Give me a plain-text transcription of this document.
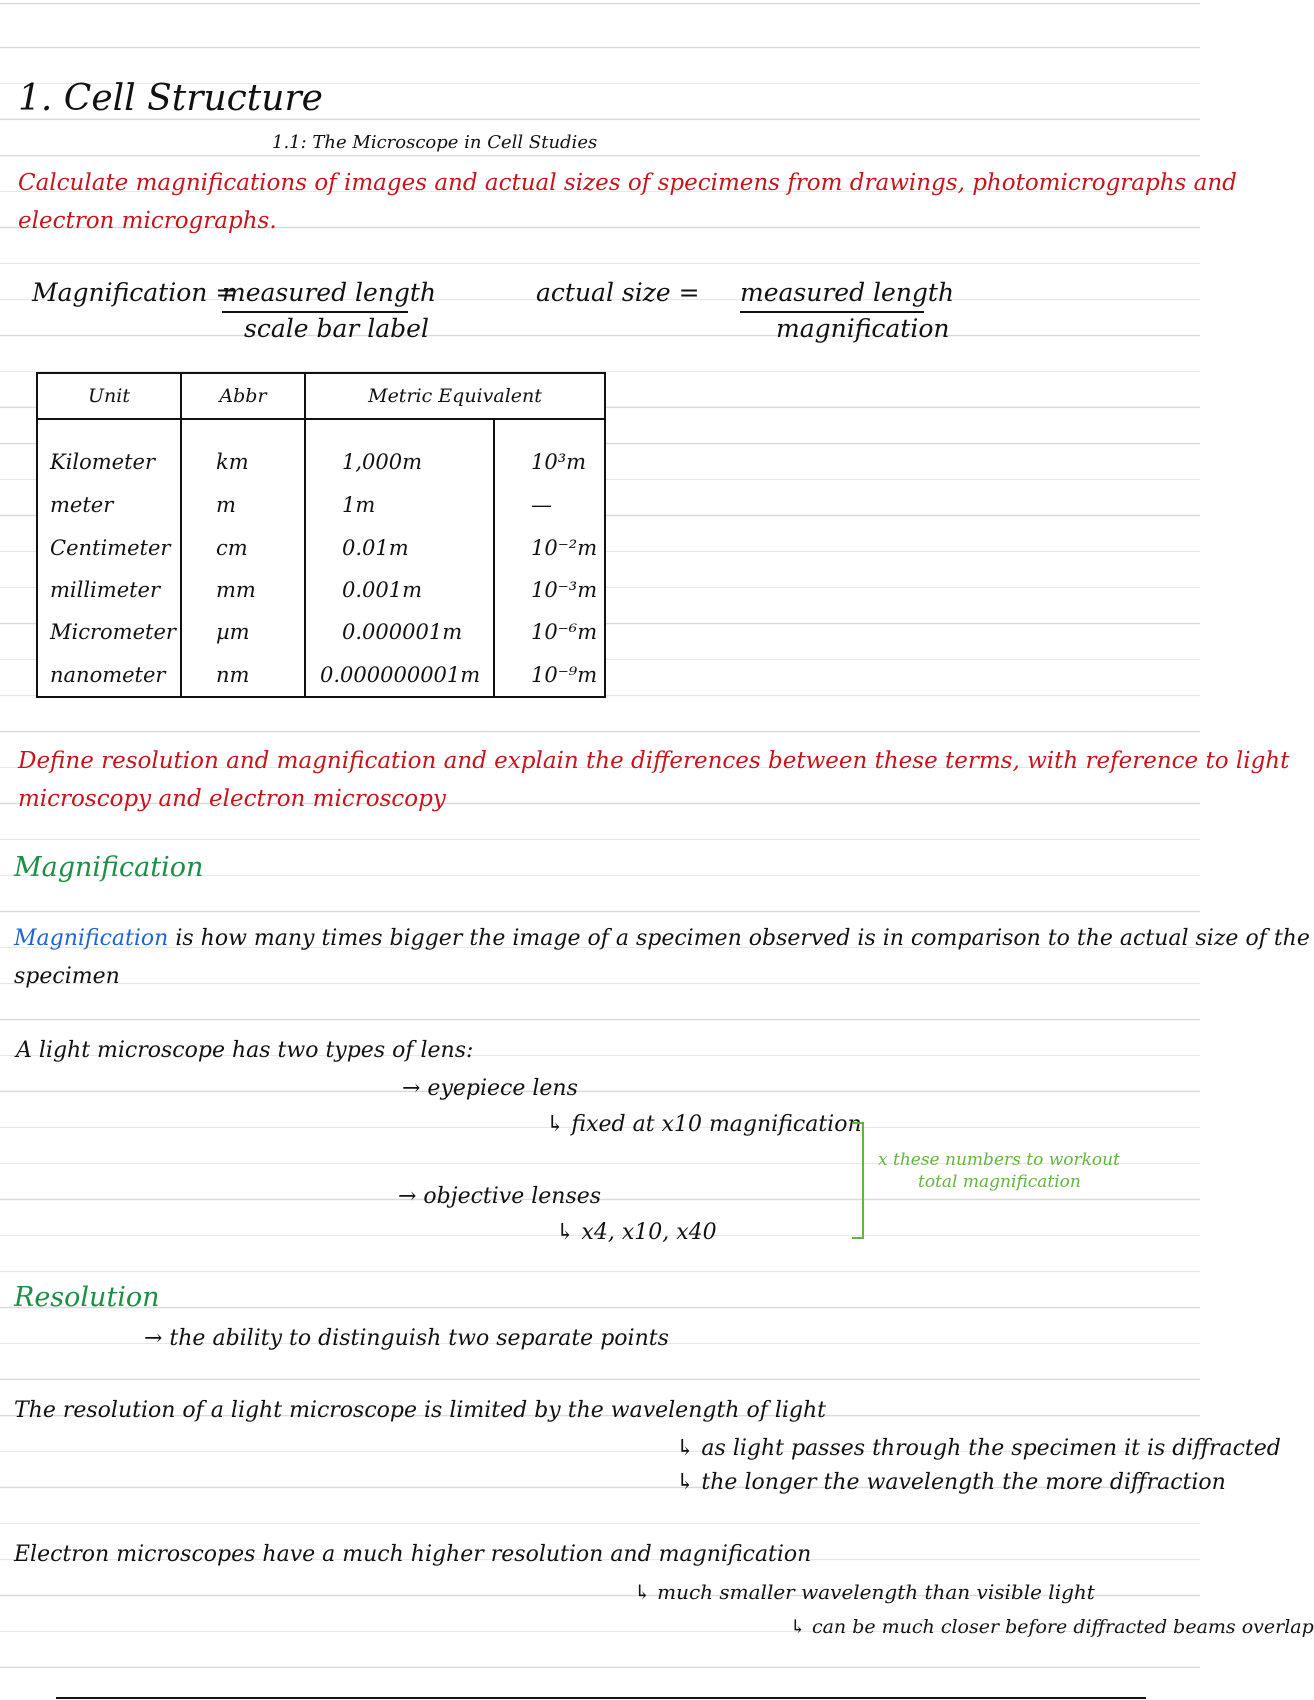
1. Cell Structure
1.1: The Microscope in Cell Studies
Calculate magnifications of images and actual sizes of specimens from drawings, photomicrographs and
electron micrographs.
Magnification =
measured length
scale bar label
actual size = measured length
magnification
Unit	Abbr	Metric Equivalent	
Kilometer	km	1,000m	10³m
meter	m	1m	—
Centimeter	cm	0.01m	10⁻²m
millimeter	mm	0.001m	10⁻³m
Micrometer	µm	0.000001m	10⁻⁶m
nanometer	nm	0.000000001m	10⁻⁹m
Define resolution and magnification and explain the differences between these terms, with reference to light
microscopy and electron microscopy
Magnification
Magnification is how many times bigger the image of a specimen observed is in comparison to the actual size of the
specimen
A light microscope has two types of lens:
→ eyepiece lens
↳ fixed at x10 magnification
→ objective lenses
↳ x4, x10, x40
x these numbers to workout
total magnification
Resolution
→ the ability to distinguish two separate points
The resolution of a light microscope is limited by the wavelength of light
↳ as light passes through the specimen it is diffracted
↳ the longer the wavelength the more diffraction
Electron microscopes have a much higher resolution and magnification
↳ much smaller wavelength than visible light
↳ can be much closer before diffracted beams overlap
